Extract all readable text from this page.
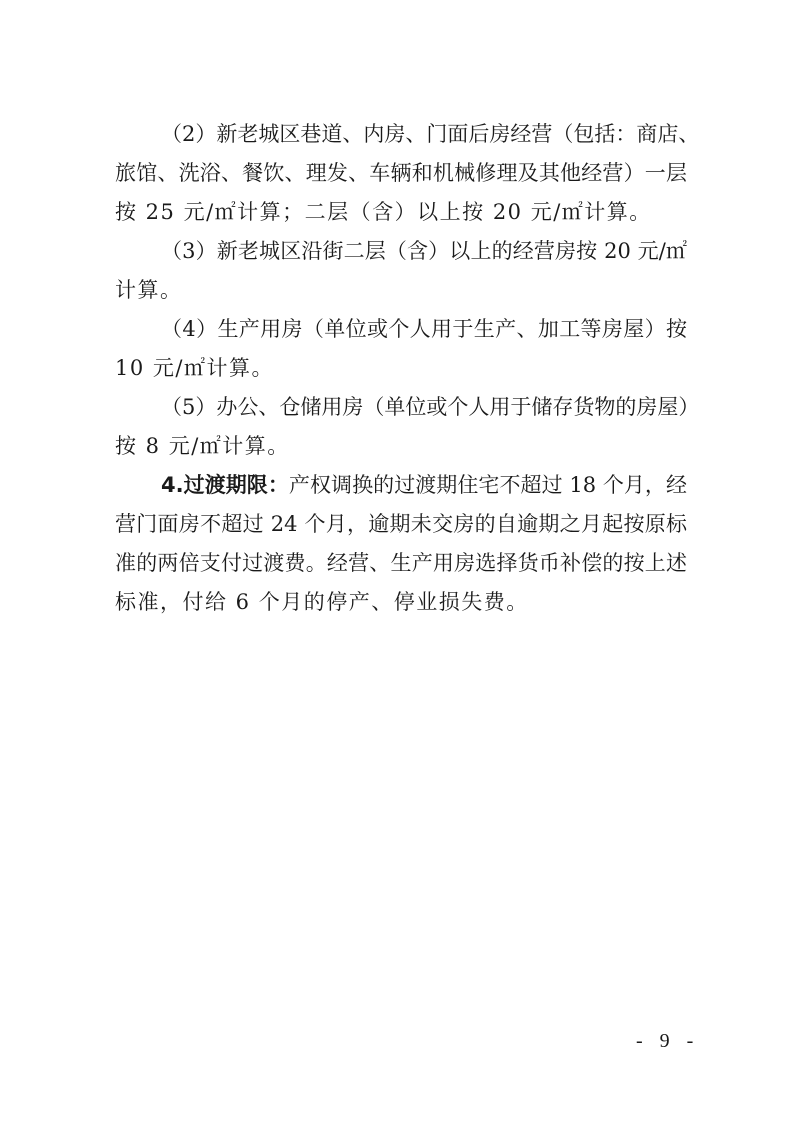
（2）新老城区巷道、内房、门面后房经营（包括：商店、
旅馆、洗浴、餐饮、理发、车辆和机械修理及其他经营）一层
按 25 元/㎡计算；二层（含）以上按 20 元/㎡计算。
（3）新老城区沿街二层（含）以上的经营房按 20 元/㎡
计算。
（4）生产用房（单位或个人用于生产、加工等房屋）按
10 元/㎡计算。
（5）办公、仓储用房（单位或个人用于储存货物的房屋）
按 8 元/㎡计算。
4.过渡期限：产权调换的过渡期住宅不超过 18 个月，经
营门面房不超过 24 个月，逾期未交房的自逾期之月起按原标
准的两倍支付过渡费。经营、生产用房选择货币补偿的按上述
标准，付给 6 个月的停产、停业损失费。
- 9 -
